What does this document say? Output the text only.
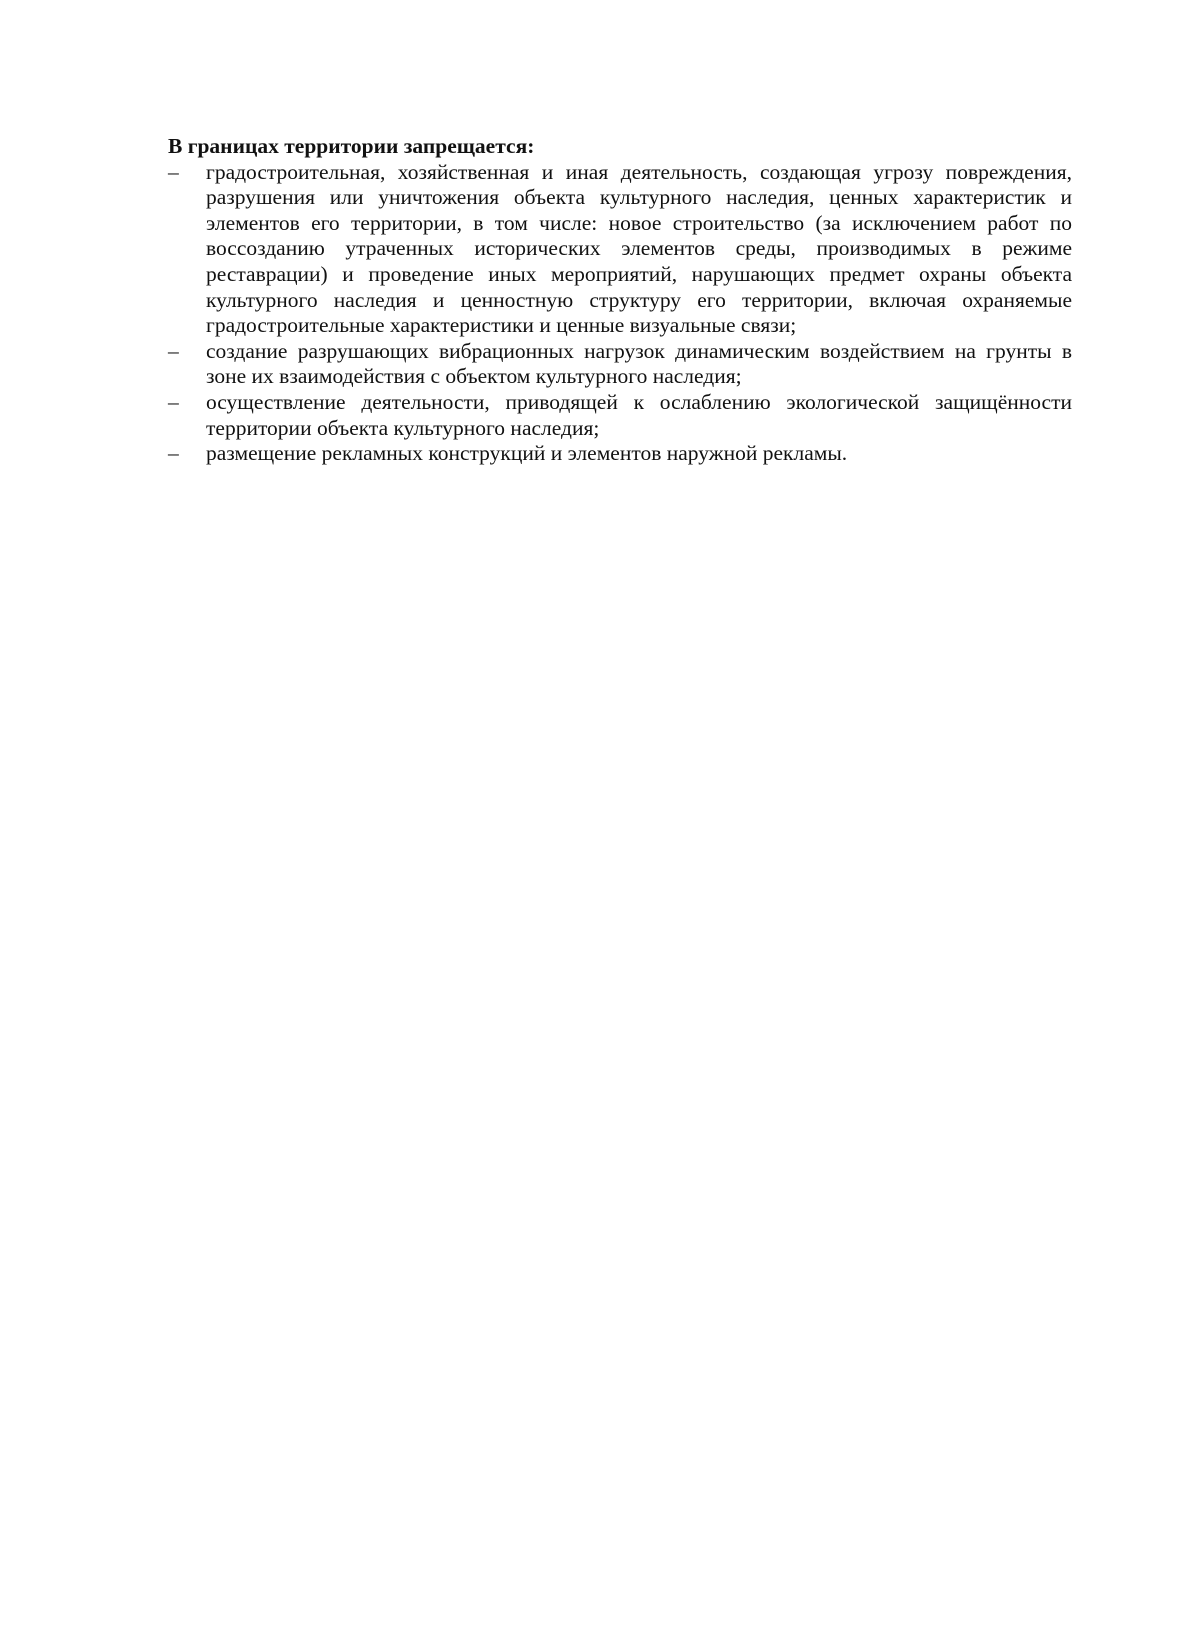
В границах территории запрещается:

– градостроительная, хозяйственная и иная деятельность, создающая угрозу повреждения, разрушения или уничтожения объекта культурного наследия, ценных характеристик и элементов его территории, в том числе: новое строительство (за исключением работ по воссозданию утраченных исторических элементов среды, производимых в режиме реставрации) и проведение иных мероприятий, нарушающих предмет охраны объекта культурного наследия и ценностную структуру его территории, включая охраняемые градостроительные характеристики и ценные визуальные связи;
– создание разрушающих вибрационных нагрузок динамическим воздействием на грунты в зоне их взаимодействия с объектом культурного наследия;
– осуществление деятельности, приводящей к ослаблению экологической защищённости территории объекта культурного наследия;
– размещение рекламных конструкций и элементов наружной рекламы.
